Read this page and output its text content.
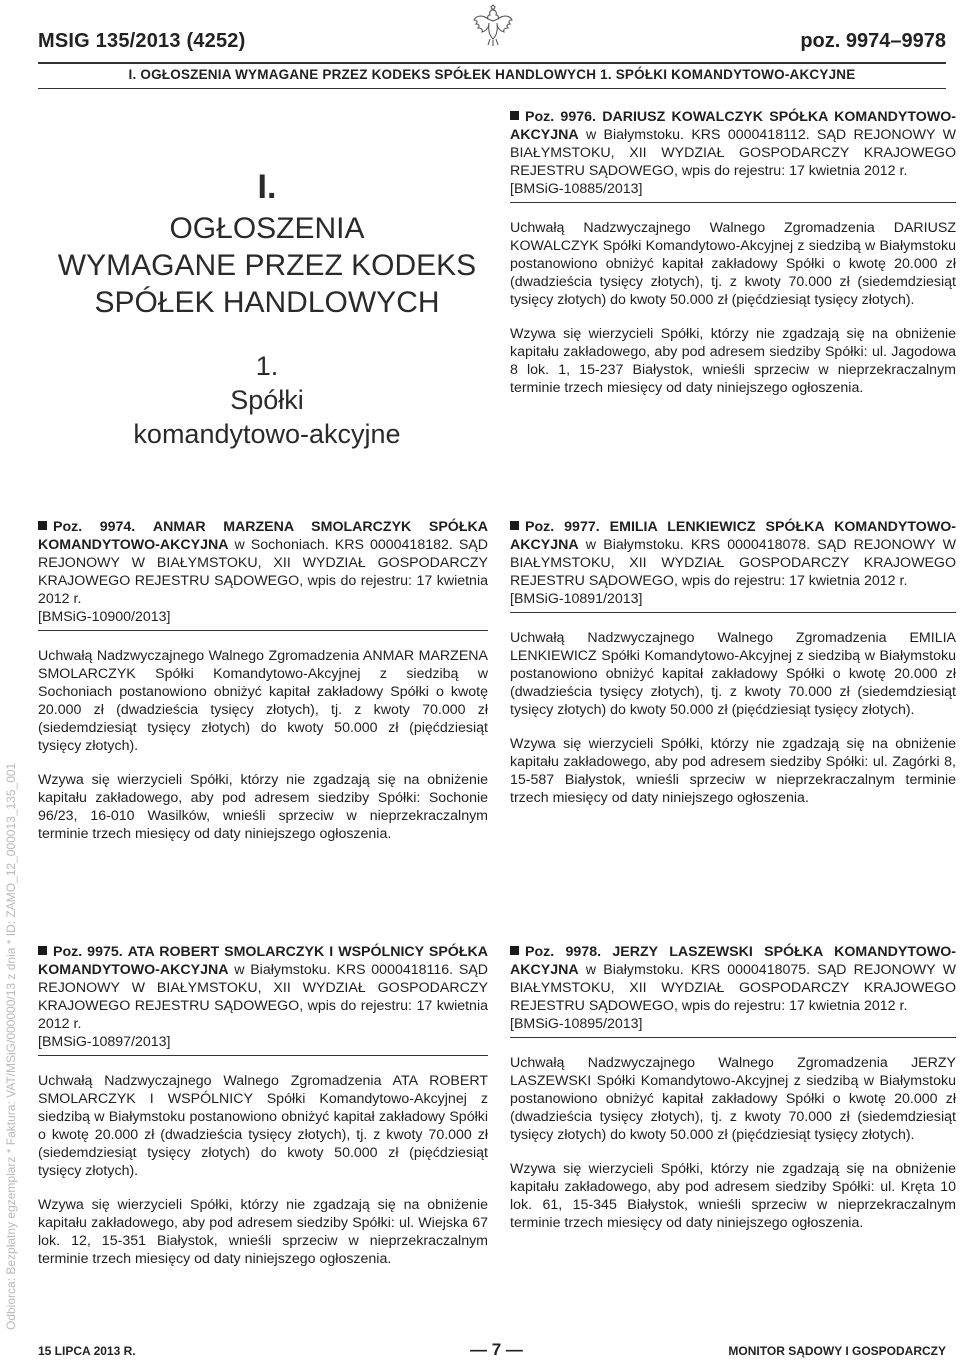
MSIG 135/2013 (4252)	poz. 9974–9978
I. OGŁOSZENIA WYMAGANE PRZEZ KODEKS SPÓŁEK HANDLOWYCH 1. SPÓŁKI KOMANDYTOWO-AKCYJNE
Odbiorca: Bezpłatny egzemplarz * Faktura: VAT/MSiG/000000/13 z dnia * ID: ZAMO_12_000013_135_001
I.
OGŁOSZENIA
WYMAGANE PRZEZ KODEKS
SPÓŁEK HANDLOWYCH
1.
Spółki
komandytowo-akcyjne
Poz. 9974. ANMAR MARZENA SMOLARCZYK SPÓŁKA KOMANDYTOWO-AKCYJNA w Sochoniach. KRS 0000418182. SĄD REJONOWY W BIAŁYMSTOKU, XII WYDZIAŁ GOSPODARCZY KRAJOWEGO REJESTRU SĄDOWEGO, wpis do rejestru: 17 kwietnia 2012 r.
[BMSiG-10900/2013]

Uchwałą Nadzwyczajnego Walnego Zgromadzenia ANMAR MARZENA SMOLARCZYK Spółki Komandytowo-Akcyjnej z siedzibą w Sochoniach postanowiono obniżyć kapitał zakładowy Spółki o kwotę 20.000 zł (dwadzieścia tysięcy złotych), tj. z kwoty 70.000 zł (siedemdziesiąt tysięcy złotych) do kwoty 50.000 zł (pięćdziesiąt tysięcy złotych).

Wzywa się wierzycieli Spółki, którzy nie zgadzają się na obniżenie kapitału zakładowego, aby pod adresem siedziby Spółki: Sochonie 96/23, 16-010 Wasilków, wnieśli sprzeciw w nieprzekraczalnym terminie trzech miesięcy od daty niniejszego ogłoszenia.

Poz. 9975. ATA ROBERT SMOLARCZYK I WSPÓLNICY SPÓŁKA KOMANDYTOWO-AKCYJNA w Białymstoku. KRS 0000418116. SĄD REJONOWY W BIAŁYMSTOKU, XII WYDZIAŁ GOSPODARCZY KRAJOWEGO REJESTRU SĄDOWEGO, wpis do rejestru: 17 kwietnia 2012 r.
[BMSiG-10897/2013]

Uchwałą Nadzwyczajnego Walnego Zgromadzenia ATA ROBERT SMOLARCZYK I WSPÓLNICY Spółki Komandytowo-Akcyjnej z siedzibą w Białymstoku postanowiono obniżyć kapitał zakładowy Spółki o kwotę 20.000 zł (dwadzieścia tysięcy złotych), tj. z kwoty 70.000 zł (siedemdziesiąt tysięcy złotych) do kwoty 50.000 zł (pięćdziesiąt tysięcy złotych).

Wzywa się wierzycieli Spółki, którzy nie zgadzają się na obniżenie kapitału zakładowego, aby pod adresem siedziby Spółki: ul. Wiejska 67 lok. 12, 15-351 Białystok, wnieśli sprzeciw w nieprzekraczalnym terminie trzech miesięcy od daty niniejszego ogłoszenia.

Poz. 9976. DARIUSZ KOWALCZYK SPÓŁKA KOMANDYTOWO-AKCYJNA w Białymstoku. KRS 0000418112. SĄD REJONOWY W BIAŁYMSTOKU, XII WYDZIAŁ GOSPODARCZY KRAJOWEGO REJESTRU SĄDOWEGO, wpis do rejestru: 17 kwietnia 2012 r.
[BMSiG-10885/2013]

Uchwałą Nadzwyczajnego Walnego Zgromadzenia DARIUSZ KOWALCZYK Spółki Komandytowo-Akcyjnej z siedzibą w Białymstoku postanowiono obniżyć kapitał zakładowy Spółki o kwotę 20.000 zł (dwadzieścia tysięcy złotych), tj. z kwoty 70.000 zł (siedemdziesiąt tysięcy złotych) do kwoty 50.000 zł (pięćdziesiąt tysięcy złotych).

Wzywa się wierzycieli Spółki, którzy nie zgadzają się na obniżenie kapitału zakładowego, aby pod adresem siedziby Spółki: ul. Jagodowa 8 lok. 1, 15-237 Białystok, wnieśli sprzeciw w nieprzekraczalnym terminie trzech miesięcy od daty niniejszego ogłoszenia.

Poz. 9977. EMILIA LENKIEWICZ SPÓŁKA KOMANDYTOWO-AKCYJNA w Białymstoku. KRS 0000418078. SĄD REJONOWY W BIAŁYMSTOKU, XII WYDZIAŁ GOSPODARCZY KRAJOWEGO REJESTRU SĄDOWEGO, wpis do rejestru: 17 kwietnia 2012 r.
[BMSiG-10891/2013]

Uchwałą Nadzwyczajnego Walnego Zgromadzenia EMILIA LENKIEWICZ Spółki Komandytowo-Akcyjnej z siedzibą w Białymstoku postanowiono obniżyć kapitał zakładowy Spółki o kwotę 20.000 zł (dwadzieścia tysięcy złotych), tj. z kwoty 70.000 zł (siedemdziesiąt tysięcy złotych) do kwoty 50.000 zł (pięćdziesiąt tysięcy złotych).

Wzywa się wierzycieli Spółki, którzy nie zgadzają się na obniżenie kapitału zakładowego, aby pod adresem siedziby Spółki: ul. Zagórki 8, 15-587 Białystok, wnieśli sprzeciw w nieprzekraczalnym terminie trzech miesięcy od daty niniejszego ogłoszenia.

Poz. 9978. JERZY LASZEWSKI SPÓŁKA KOMANDYTOWO-AKCYJNA w Białymstoku. KRS 0000418075. SĄD REJONOWY W BIAŁYMSTOKU, XII WYDZIAŁ GOSPODARCZY KRAJOWEGO REJESTRU SĄDOWEGO, wpis do rejestru: 17 kwietnia 2012 r.
[BMSiG-10895/2013]

Uchwałą Nadzwyczajnego Walnego Zgromadzenia JERZY LASZEWSKI Spółki Komandytowo-Akcyjnej z siedzibą w Białymstoku postanowiono obniżyć kapitał zakładowy Spółki o kwotę 20.000 zł (dwadzieścia tysięcy złotych), tj. z kwoty 70.000 zł (siedemdziesiąt tysięcy złotych) do kwoty 50.000 zł (pięćdziesiąt tysięcy złotych).

Wzywa się wierzycieli Spółki, którzy nie zgadzają się na obniżenie kapitału zakładowego, aby pod adresem siedziby Spółki: ul. Kręta 10 lok. 61, 15-345 Białystok, wnieśli sprzeciw w nieprzekraczalnym terminie trzech miesięcy od daty niniejszego ogłoszenia.

15 LIPCA 2013 R.	— 7 —	MONITOR SĄDOWY I GOSPODARCZY
